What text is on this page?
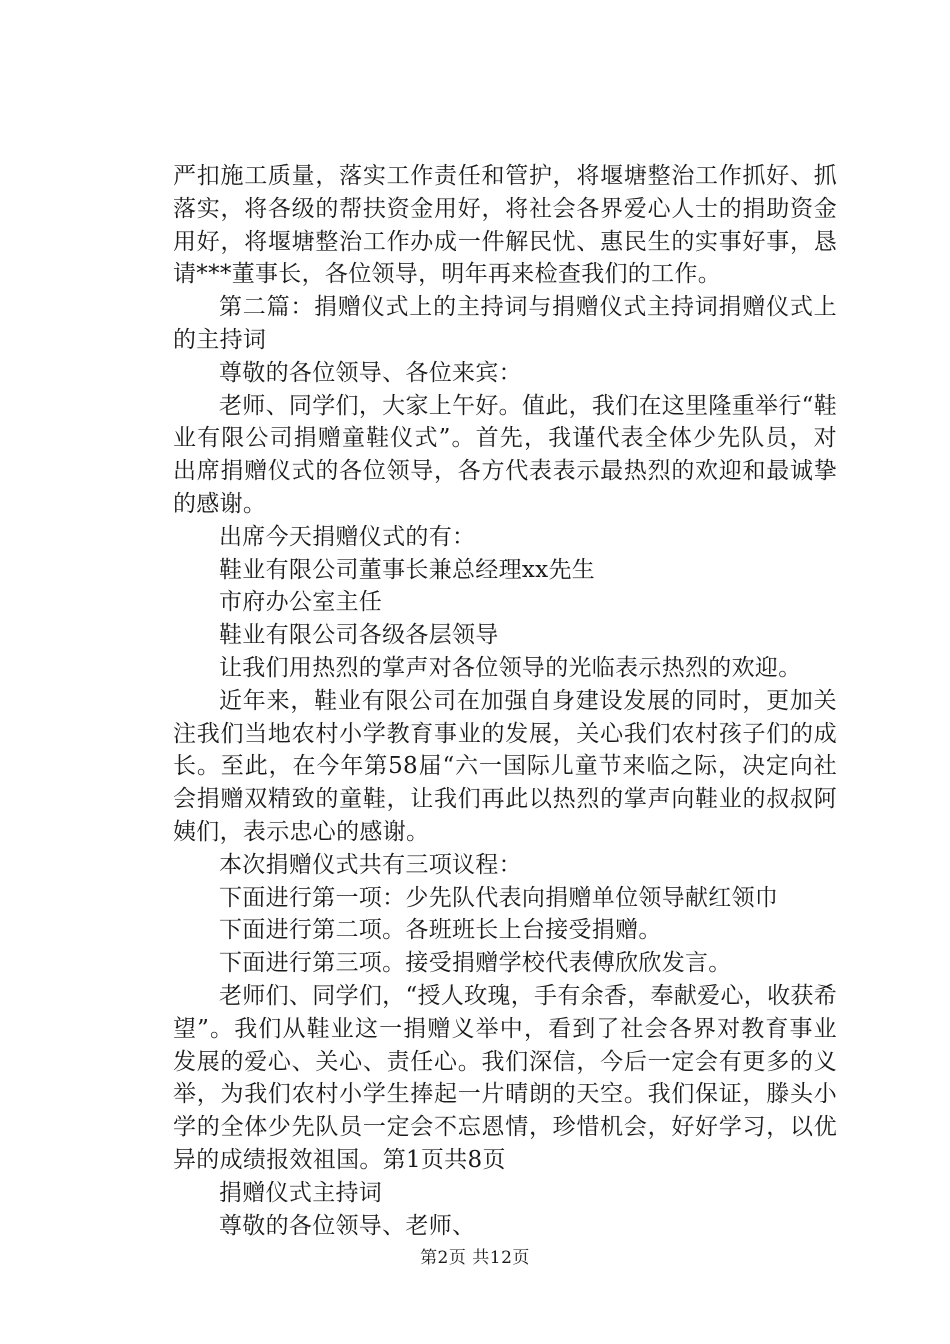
严扣施工质量，落实工作责任和管护，将堰塘整治工作抓好、抓落实，将各级的帮扶资金用好，将社会各界爱心人士的捐助资金用好，将堰塘整治工作办成一件解民忧、惠民生的实事好事，恳请***董事长，各位领导，明年再来检查我们的工作。

第二篇：捐赠仪式上的主持词与捐赠仪式主持词捐赠仪式上的主持词

尊敬的各位领导、各位来宾：

老师、同学们，大家上午好。值此，我们在这里隆重举行“鞋业有限公司捐赠童鞋仪式”。首先，我谨代表全体少先队员，对出席捐赠仪式的各位领导，各方代表表示最热烈的欢迎和最诚挚的感谢。

出席今天捐赠仪式的有：

鞋业有限公司董事长兼总经理xx先生

市府办公室主任

鞋业有限公司各级各层领导

让我们用热烈的掌声对各位领导的光临表示热烈的欢迎。

近年来，鞋业有限公司在加强自身建设发展的同时，更加关注我们当地农村小学教育事业的发展，关心我们农村孩子们的成长。至此，在今年第58届“六一国际儿童节来临之际，决定向社会捐赠双精致的童鞋，让我们再此以热烈的掌声向鞋业的叔叔阿姨们，表示忠心的感谢。

本次捐赠仪式共有三项议程：

下面进行第一项：少先队代表向捐赠单位领导献红领巾

下面进行第二项。各班班长上台接受捐赠。

下面进行第三项。接受捐赠学校代表傅欣欣发言。

老师们、同学们，“授人玫瑰，手有余香，奉献爱心，收获希望”。我们从鞋业这一捐赠义举中，看到了社会各界对教育事业发展的爱心、关心、责任心。我们深信，今后一定会有更多的义举，为我们农村小学生捧起一片晴朗的天空。我们保证，滕头小学的全体少先队员一定会不忘恩情，珍惜机会，好好学习，以优异的成绩报效祖国。第1页共8页

捐赠仪式主持词

尊敬的各位领导、老师、

第2页 共12页
